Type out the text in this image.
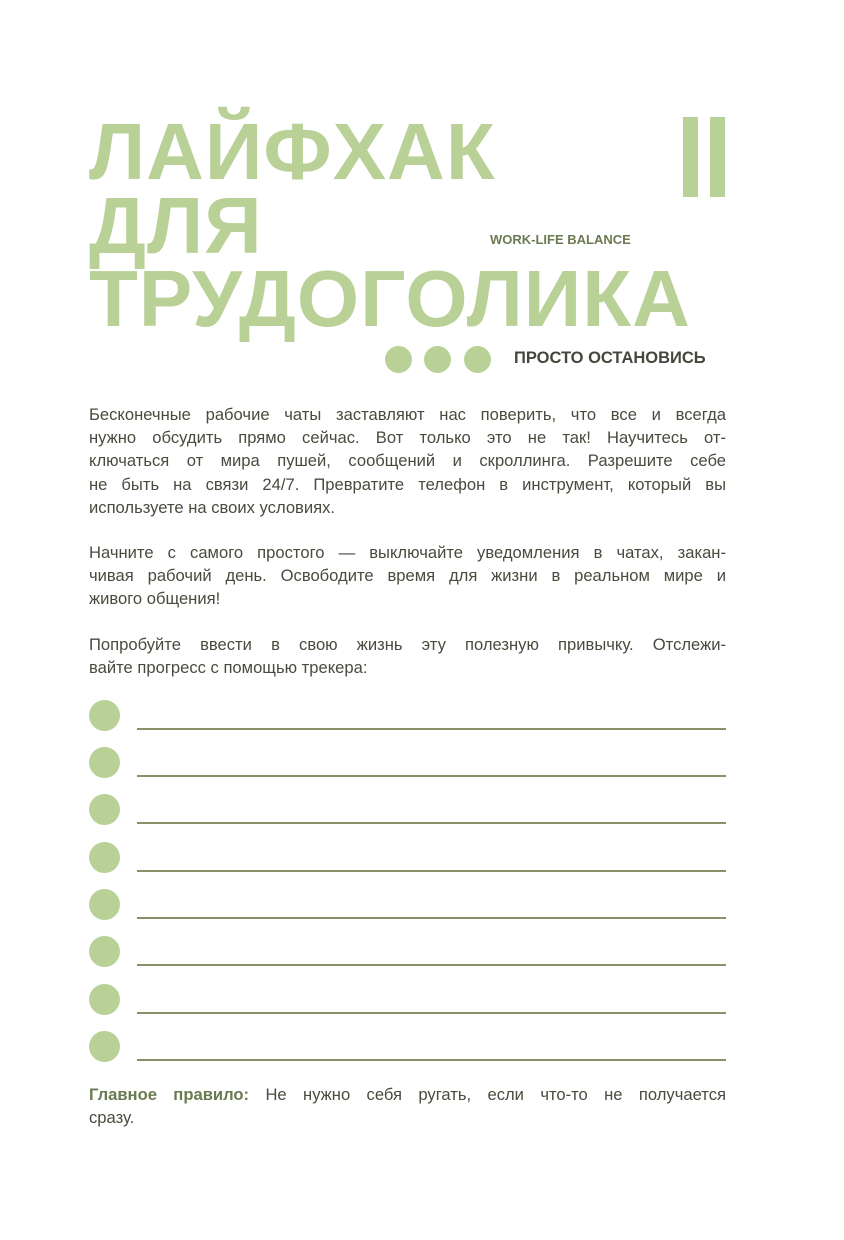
ЛАЙФХАК
ДЛЯ
ТРУДОГОЛИКА
WORK-LIFE BALANCE
ПРОСТО ОСТАНОВИСЬ
Бесконечные рабочие чаты заставляют нас поверить, что все и всегда
нужно обсудить прямо сейчас. Вот только это не так! Научитесь от-
ключаться от мира пушей, сообщений и скроллинга. Разрешите себе
не быть на связи 24/7. Превратите телефон в инструмент, который вы
используете на своих условиях.
Начните с самого простого — выключайте уведомления в чатах, закан-
чивая рабочий день. Освободите время для жизни в реальном мире и
живого общения!
Попробуйте ввести в свою жизнь эту полезную привычку. Отслежи-
вайте прогресс с помощью трекера:
Главное правило: Не нужно себя ругать, если что-то не получается
сразу.
